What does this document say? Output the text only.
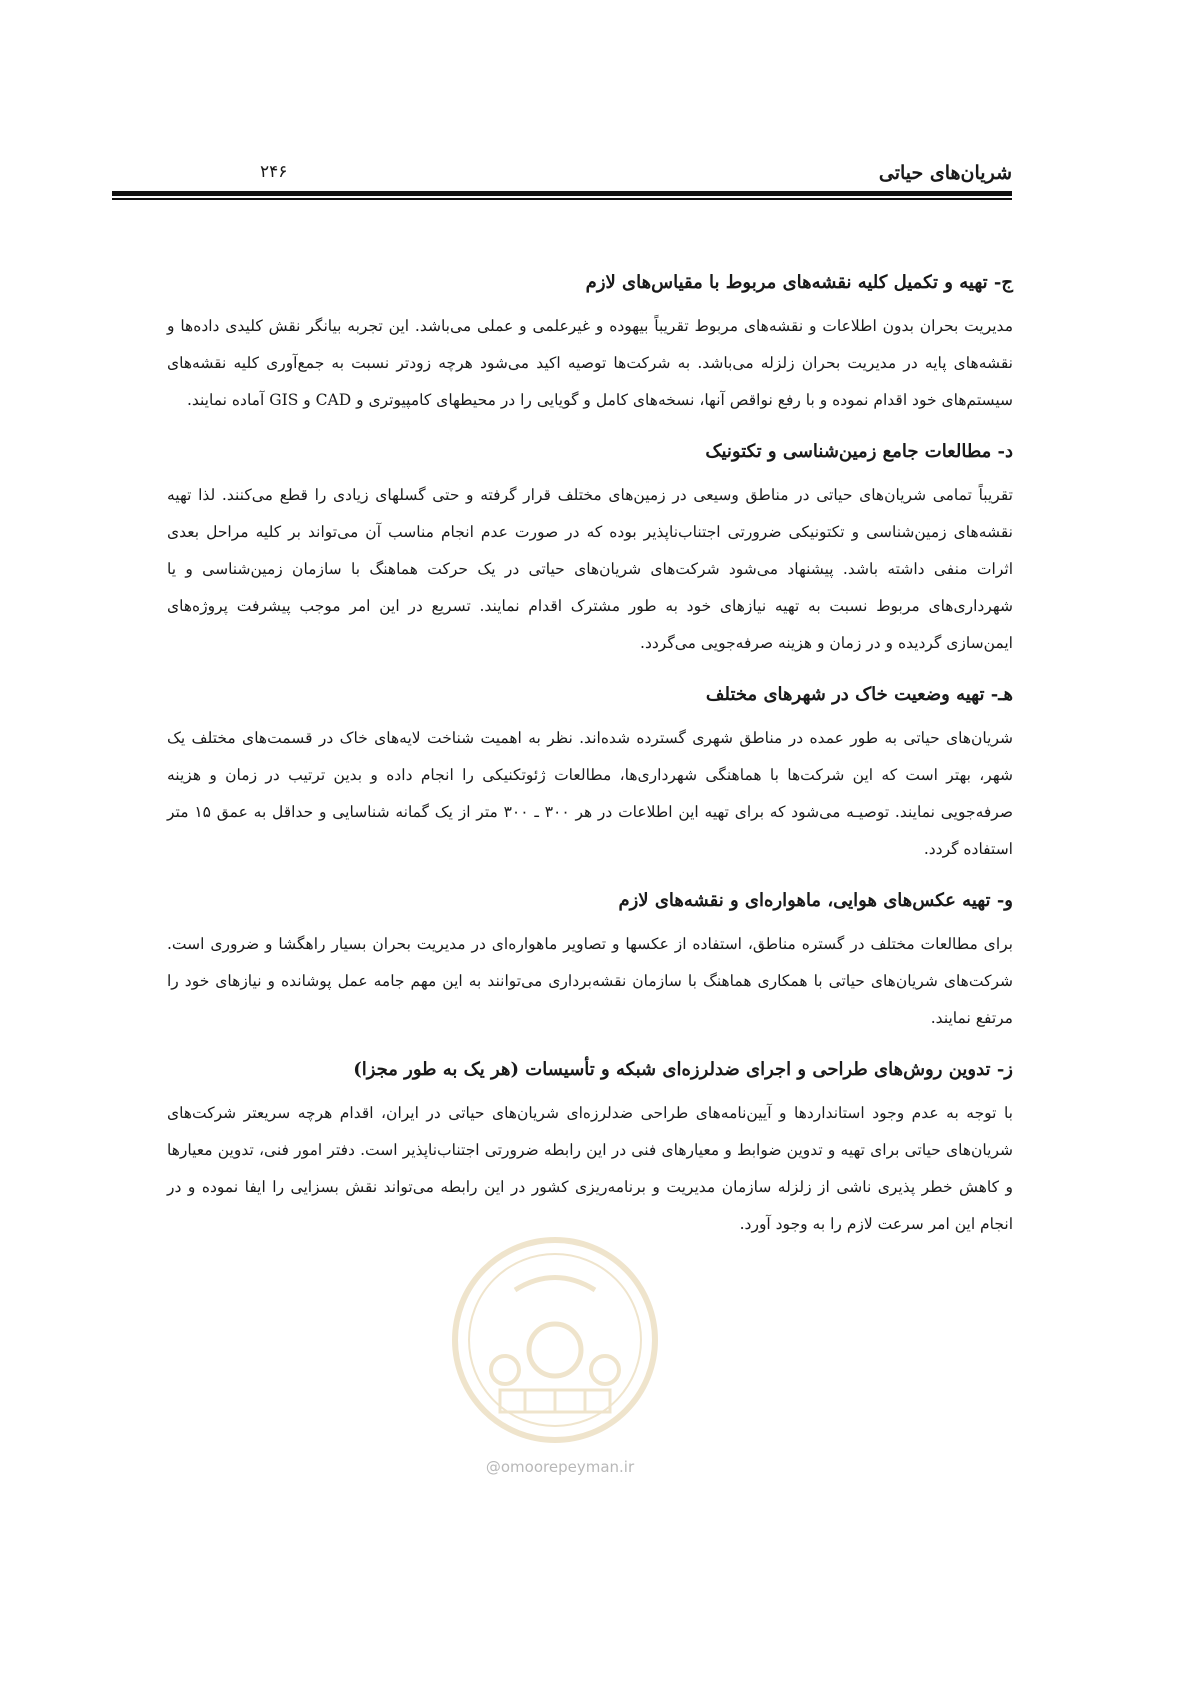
شریان‌های حیاتی
۲۴۶
ج- تهیه و تکمیل کلیه نقشه‌های مربوط با مقیاس‌های لازم

مدیریت بحران بدون اطلاعات و نقشه‌های مربوط تقریباً بیهوده و غیرعلمی و عملی می‌باشد. این تجربه بیانگر نقش کلیدی داده‌ها و نقشه‌های پایه در مدیریت بحران زلزله می‌باشد. به شرکت‌ها توصیه اکید می‌شود هرچه زودتر نسبت به جمع‌آوری کلیه نقشه‌های سیستم‌های خود اقدام نموده و با رفع نواقص آنها، نسخه‌های کامل و گویایی را در محیطهای کامپیوتری و CAD و GIS آماده نمایند.

د- مطالعات جامع زمین‌شناسی و تکتونیک

تقریباً تمامی شریان‌های حیاتی در مناطق وسیعی در زمین‌های مختلف قرار گرفته و حتی گسلهای زیادی را قطع می‌کنند. لذا تهیه نقشه‌های زمین‌شناسی و تکتونیکی ضرورتی اجتناب‌ناپذیر بوده که در صورت عدم انجام مناسب آن می‌تواند بر کلیه مراحل بعدی اثرات منفی داشته باشد. پیشنهاد می‌شود شرکت‌های شریان‌های حیاتی در یک حرکت هماهنگ با سازمان زمین‌شناسی و یا شهرداری‌های مربوط نسبت به تهیه نیازهای خود به طور مشترک اقدام نمایند. تسریع در این امر موجب پیشرفت پروژه‌های ایمن‌سازی گردیده و در زمان و هزینه صرفه‌جویی می‌گردد.

هـ- تهیه وضعیت خاک در شهرهای مختلف

شریان‌های حیاتی به طور عمده در مناطق شهری گسترده شده‌اند. نظر به اهمیت شناخت لایه‌های خاک در قسمت‌های مختلف یک شهر، بهتر است که این شرکت‌ها با هماهنگی شهرداری‌ها، مطالعات ژئوتکنیکی را انجام داده و بدین ترتیب در زمان و هزینه صرفه‌جویی نمایند. توصیـه می‌شود که برای تهیه این اطلاعات در هر ۳۰۰ ـ ۳۰۰ متر از یک گمانه شناسایی و حداقل به عمق ۱۵ متر استفاده گردد.

و- تهیه عکس‌های هوایی، ماهواره‌ای و نقشه‌های لازم

برای مطالعات مختلف در گستره مناطق، استفاده از عکسها و تصاویر ماهواره‌ای در مدیریت بحران بسیار راهگشا و ضروری است. شرکت‌های شریان‌های حیاتی با همکاری هماهنگ با سازمان نقشه‌برداری می‌توانند به این مهم جامه عمل پوشانده و نیازهای خود را مرتفع نمایند.

ز- تدوین روش‌های طراحی و اجرای ضدلرزه‌ای شبکه و تأسیسات (هر یک به طور مجزا)

با توجه به عدم وجود استانداردها و آیین‌نامه‌های طراحی ضدلرزه‌ای شریان‌های حیاتی در ایران، اقدام هرچه سریعتر شرکت‌های شریان‌های حیاتی برای تهیه و تدوین ضوابط و معیارهای فنی در این رابطه ضرورتی اجتناب‌ناپذیر است. دفتر امور فنی، تدوین معیارها و کاهش خطر پذیری ناشی از زلزله سازمان مدیریت و برنامه‌ریزی کشور در این رابطه می‌تواند نقش بسزایی را ایفا نموده و در انجام این امر سرعت لازم را به وجود آورد.

@omoorepeyman.ir
